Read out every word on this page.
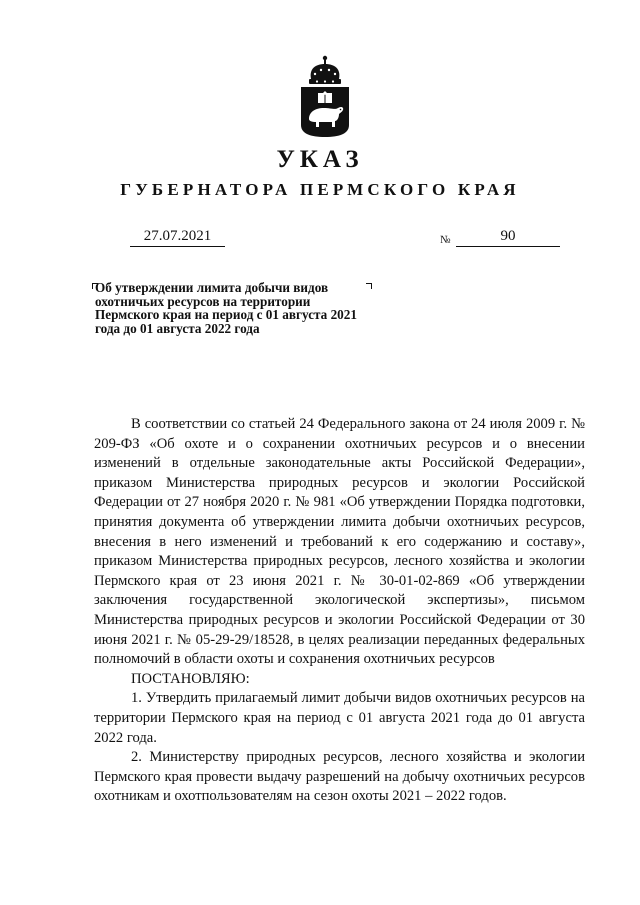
УКАЗ
ГУБЕРНАТОРА ПЕРМСКОГО КРАЯ
27.07.2021	№	90
Об утверждении лимита добычи видов охотничьих ресурсов на территории Пермского края на период с 01 августа 2021 года до 01 августа 2022 года

В соответствии со статьей 24 Федерального закона от 24 июля 2009 г. № 209-ФЗ «Об охоте и о сохранении охотничьих ресурсов и о внесении изменений в отдельные законодательные акты Российской Федерации», приказом Министерства природных ресурсов и экологии Российской Федерации от 27 ноября 2020 г. № 981 «Об утверждении Порядка подготовки, принятия документа об утверждении лимита добычи охотничьих ресурсов, внесения в него изменений и требований к его содержанию и составу», приказом Министерства природных ресурсов, лесного хозяйства и экологии Пермского края от 23 июня 2021 г. № 30-01-02-869 «Об утверждении заключения государственной экологической экспертизы», письмом Министерства природных ресурсов и экологии Российской Федерации от 30 июня 2021 г. № 05-29-29/18528, в целях реализации переданных федеральных полномочий в области охоты и сохранения охотничьих ресурсов

ПОСТАНОВЛЯЮ:

1. Утвердить прилагаемый лимит добычи видов охотничьих ресурсов на территории Пермского края на период с 01 августа 2021 года до 01 августа 2022 года.

2. Министерству природных ресурсов, лесного хозяйства и экологии Пермского края провести выдачу разрешений на добычу охотничьих ресурсов охотникам и охотпользователям на сезон охоты 2021 – 2022 годов.
